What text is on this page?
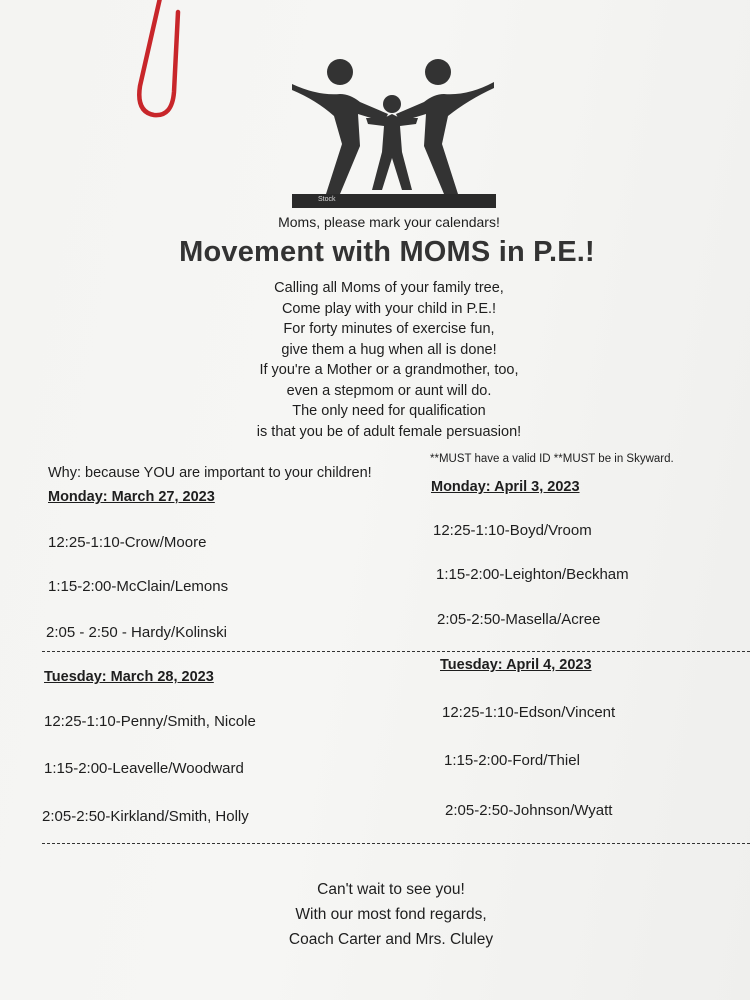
Stock
Moms, please mark your calendars!
Movement with MOMS in P.E.!
Calling all Moms of your family tree,
Come play with your child in P.E.!
For forty minutes of exercise fun,
give them a hug when all is done!
If you're a Mother or a grandmother, too,
even a stepmom or aunt will do.
The only need for qualification
is that you be of adult female persuasion!
Why: because YOU are important to your children!
**MUST have a valid ID **MUST be in Skyward.
Monday: March 27, 2023
12:25-1:10-Crow/Moore
1:15-2:00-McClain/Lemons
2:05 - 2:50 - Hardy/Kolinski
Monday: April 3, 2023
12:25-1:10-Boyd/Vroom
1:15-2:00-Leighton/Beckham
2:05-2:50-Masella/Acree
Tuesday: March 28, 2023
12:25-1:10-Penny/Smith, Nicole
1:15-2:00-Leavelle/Woodward
2:05-2:50-Kirkland/Smith, Holly
Tuesday: April 4, 2023
12:25-1:10-Edson/Vincent
1:15-2:00-Ford/Thiel
2:05-2:50-Johnson/Wyatt
Can't wait to see you!
With our most fond regards,
Coach Carter and Mrs. Cluley
